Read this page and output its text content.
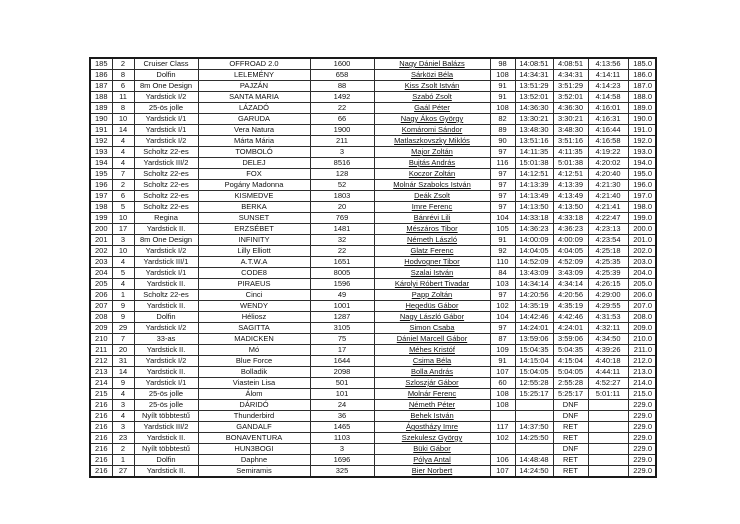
185	2	Cruiser Class	OFFROAD 2.0	1600	Nagy Dániel Balázs	98	14:08:51	4:08:51	4:13:56	185.0
186	8	Dolfin	LELEMÉNY	658	Sárközi Béla	108	14:34:31	4:34:31	4:14:11	186.0
187	6	8m One Design	PAJZÁN	88	Kiss Zsolt István	91	13:51:29	3:51:29	4:14:23	187.0
188	11	Yardstick I/2	SANTA MARIA	1492	Szabó Zsolt	91	13:52:01	3:52:01	4:14:58	188.0
189	8	25-ös jolle	LÁZADÓ	22	Gaál Péter	108	14:36:30	4:36:30	4:16:01	189.0
190	10	Yardstick I/1	GARUDA	66	Nagy Ákos György	82	13:30:21	3:30:21	4:16:31	190.0
191	14	Yardstick I/1	Vera Natura	1900	Komáromi Sándor	89	13:48:30	3:48:30	4:16:44	191.0
192	4	Yardstick I/2	Márta Mária	211	Matlaszkovszky Miklós	90	13:51:16	3:51:16	4:16:58	192.0
193	4	Scholtz 22-es	TOMBOLÓ	3	Major Zoltán	97	14:11:35	4:11:35	4:19:22	193.0
194	4	Yardstick III/2	DELEJ	8516	Bujtás András	116	15:01:38	5:01:38	4:20:02	194.0
195	7	Scholtz 22-es	FOX	128	Koczor Zoltán	97	14:12:51	4:12:51	4:20:40	195.0
196	2	Scholtz 22-es	Pogány Madonna	52	Molnár Szabolcs István	97	14:13:39	4:13:39	4:21:30	196.0
197	6	Scholtz 22-es	KISMEDVE	1803	Deák Zsolt	97	14:13:49	4:13:49	4:21:40	197.0
198	5	Scholtz 22-es	BERKA	20	Imre Ferenc	97	14:13:50	4:13:50	4:21:41	198.0
199	10	Regina	SUNSET	769	Bánrévi Lili	104	14:33:18	4:33:18	4:22:47	199.0
200	17	Yardstick II.	ERZSÉBET	1481	Mészáros Tibor	105	14:36:23	4:36:23	4:23:13	200.0
201	3	8m One Design	INFINITY	32	Németh László	91	14:00:09	4:00:09	4:23:54	201.0
202	10	Yardstick I/2	Lilly Elliott	22	Glatz Ferenc	92	14:04:05	4:04:05	4:25:18	202.0
203	4	Yardstick III/1	A.T.W.A	1651	Hodvogner Tibor	110	14:52:09	4:52:09	4:25:35	203.0
204	5	Yardstick I/1	CODE8	8005	Szalai István	84	13:43:09	3:43:09	4:25:39	204.0
205	4	Yardstick II.	PIRAEUS	1596	Károlyi Róbert Tivadar	103	14:34:14	4:34:14	4:26:15	205.0
206	1	Scholtz 22-es	Cinci	49	Papp Zoltán	97	14:20:56	4:20:56	4:29:00	206.0
207	9	Yardstick II.	WENDY	1001	Hegedüs Gábor	102	14:35:19	4:35:19	4:29:55	207.0
208	9	Dolfin	Héliosz	1287	Nagy László Gábor	104	14:42:46	4:42:46	4:31:53	208.0
209	29	Yardstick I/2	SAGITTA	3105	Simon Csaba	97	14:24:01	4:24:01	4:32:11	209.0
210	7	33-as	MADICKEN	75	Dániel Marcell Gábor	87	13:59:06	3:59:06	4:34:50	210.0
211	20	Yardstick II.	Mó	17	Méhes Kristóf	109	15:04:35	5:04:35	4:39:26	211.0
212	31	Yardstick I/2	Blue Force	1644	Csima Béla	91	14:15:04	4:15:04	4:40:18	212.0
213	14	Yardstick II.	Bolladik	2098	Bolla András	107	15:04:05	5:04:05	4:44:11	213.0
214	9	Yardstick I/1	Viastein Lisa	501	Szloszjár Gábor	60	12:55:28	2:55:28	4:52:27	214.0
215	4	25-ös jolle	Álom	101	Molnár Ferenc	108	15:25:17	5:25:17	5:01:11	215.0
216	3	25-ös jolle	DÁRIDÓ	24	Németh Péter	108		DNF		229.0
216	4	Nyílt többtestű	Thunderbird	36	Behek István			DNF		229.0
216	3	Yardstick III/2	GANDALF	1465	Ágostházy Imre	117	14:37:50	RET		229.0
216	23	Yardstick II.	BONAVENTURA	1103	Szekulesz György	102	14:25:50	RET		229.0
216	2	Nyílt többtestű	HUN3BOGI	3	Büki Gábor			DNF		229.0
216	1	Dolfin	Daphne	1696	Pólya Antal	106	14:48:48	RET		229.0
216	27	Yardstick II.	Semiramis	325	Bier Norbert	107	14:24:50	RET		229.0
